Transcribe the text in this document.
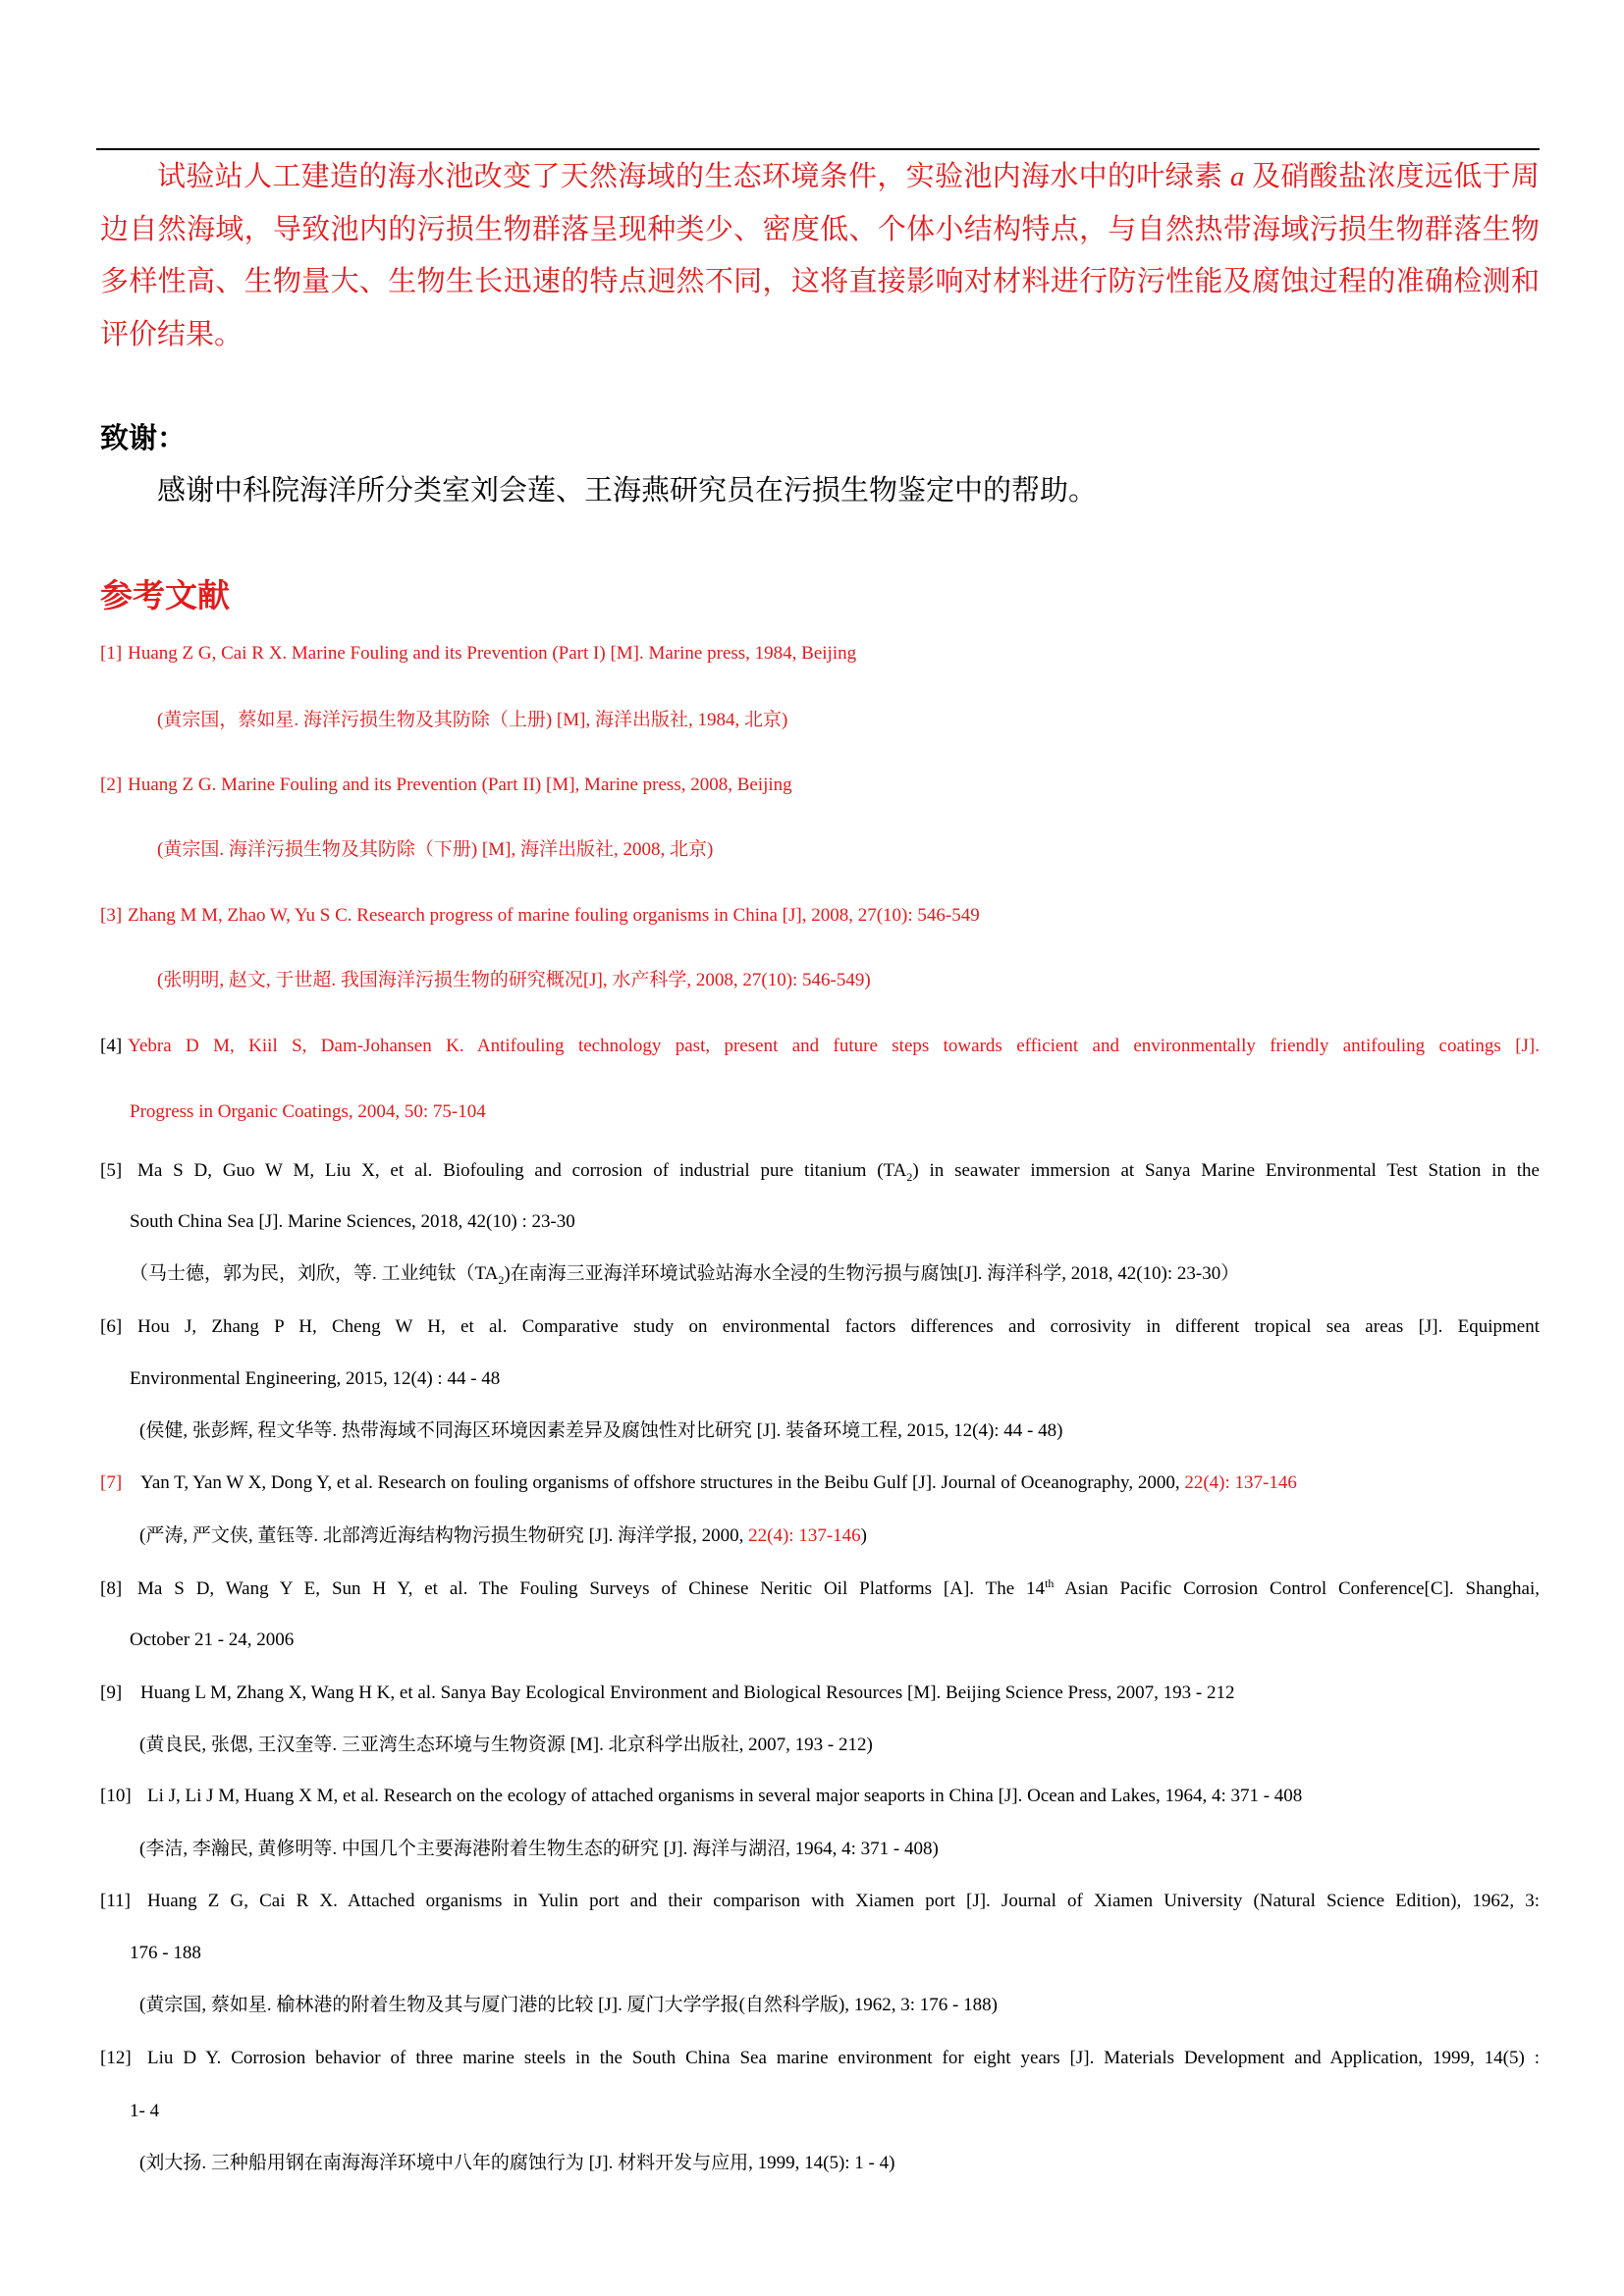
试验站人工建造的海水池改变了天然海域的生态环境条件，实验池内海水中的叶绿素 a 及硝酸盐浓度远低于周
边自然海域，导致池内的污损生物群落呈现种类少、密度低、个体小结构特点，与自然热带海域污损生物群落生物
多样性高、生物量大、生物生长迅速的特点迥然不同，这将直接影响对材料进行防污性能及腐蚀过程的准确检测和
评价结果。
致谢：
感谢中科院海洋所分类室刘会莲、王海燕研究员在污损生物鉴定中的帮助。
参考文献
[1] Huang Z G, Cai R X. Marine Fouling and its Prevention (Part I) [M]. Marine press, 1984, Beijing
(黄宗国，蔡如星. 海洋污损生物及其防除（上册) [M], 海洋出版社, 1984, 北京)
[2] Huang Z G. Marine Fouling and its Prevention (Part II) [M], Marine press, 2008, Beijing
(黄宗国. 海洋污损生物及其防除（下册) [M], 海洋出版社, 2008, 北京)
[3] Zhang M M, Zhao W, Yu S C. Research progress of marine fouling organisms in China [J], 2008, 27(10): 546-549
(张明明, 赵文, 于世超. 我国海洋污损生物的研究概况[J], 水产科学, 2008, 27(10): 546-549)
[4] Yebra D M, Kiil S, Dam-Johansen K. Antifouling technology past, present and future steps towards efficient and environmentally friendly antifouling coatings [J].
Progress in Organic Coatings, 2004, 50: 75-104
[5] Ma S D, Guo W M, Liu X, et al. Biofouling and corrosion of industrial pure titanium $(TA_2)$ in seawater immersion at Sanya Marine Environmental Test Station in the
South China Sea [J]. Marine Sciences, 2018, 42(10) : 23-30
（马士德，郭为民，刘欣，等. 工业纯钛$(TA_2)$在南海三亚海洋环境试验站海水全浸的生物污损与腐蚀[J]. 海洋科学, 2018, 42(10): 23-30）
[6] Hou J, Zhang P H, Cheng W H, et al. Comparative study on environmental factors differences and corrosivity in different tropical sea areas [J]. Equipment
Environmental Engineering, 2015, 12(4) : 44 - 48
(侯健, 张彭辉, 程文华等. 热带海域不同海区环境因素差异及腐蚀性对比研究 [J]. 装备环境工程, 2015, 12(4): 44 - 48)
[7] Yan T, Yan W X, Dong Y, et al. Research on fouling organisms of offshore structures in the Beibu Gulf [J]. Journal of Oceanography, 2000, 22(4): 137-146
(严涛, 严文侠, 董钰等. 北部湾近海结构物污损生物研究 [J]. 海洋学报, 2000, 22(4): 137-146)
[8] Ma S D, Wang Y E, Sun H Y, et al. The Fouling Surveys of Chinese Neritic Oil Platforms [A]. The 14th Asian Pacific Corrosion Control Conference[C]. Shanghai,
October 21 - 24, 2006
[9] Huang L M, Zhang X, Wang H K, et al. Sanya Bay Ecological Environment and Biological Resources [M]. Beijing Science Press, 2007, 193 - 212
(黄良民, 张偲, 王汉奎等. 三亚湾生态环境与生物资源 [M]. 北京科学出版社, 2007, 193 - 212)
[10] Li J, Li J M, Huang X M, et al. Research on the ecology of attached organisms in several major seaports in China [J]. Ocean and Lakes, 1964, 4: 371 - 408
(李洁, 李瀚民, 黄修明等. 中国几个主要海港附着生物生态的研究 [J]. 海洋与湖沼, 1964, 4: 371 - 408)
[11] Huang Z G, Cai R X. Attached organisms in Yulin port and their comparison with Xiamen port [J]. Journal of Xiamen University (Natural Science Edition), 1962, 3:
176 - 188
(黄宗国, 蔡如星. 榆林港的附着生物及其与厦门港的比较 [J]. 厦门大学学报(自然科学版), 1962, 3: 176 - 188)
[12] Liu D Y. Corrosion behavior of three marine steels in the South China Sea marine environment for eight years [J]. Materials Development and Application, 1999, 14(5) :
1- 4
(刘大扬. 三种船用钢在南海海洋环境中八年的腐蚀行为 [J]. 材料开发与应用, 1999, 14(5): 1 - 4)
